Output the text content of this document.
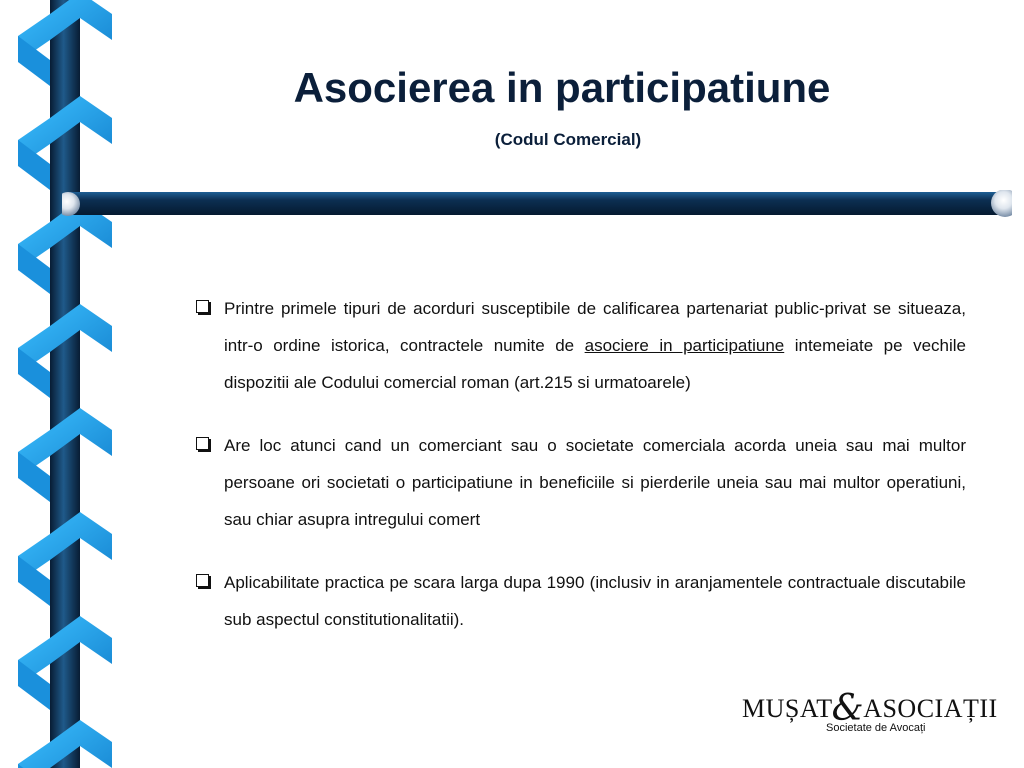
Asocierea in participatiune
(Codul Comercial)
Printre primele tipuri de acorduri susceptibile de calificarea partenariat public-privat se situeaza, intr-o ordine istorica, contractele numite de asociere in participatiune intemeiate pe vechile dispozitii ale Codului comercial roman (art.215 si urmatoarele)
Are loc atunci cand un comerciant sau o societate comerciala acorda uneia sau mai multor persoane ori societati o participatiune in beneficiile si pierderile uneia sau mai multor operatiuni, sau chiar asupra intregului comert
Aplicabilitate practica pe scara larga dupa 1990 (inclusiv in aranjamentele contractuale discutabile sub aspectul constitutionalitatii).
MUȘAT&ASOCIAȚII
Societate de Avocați
